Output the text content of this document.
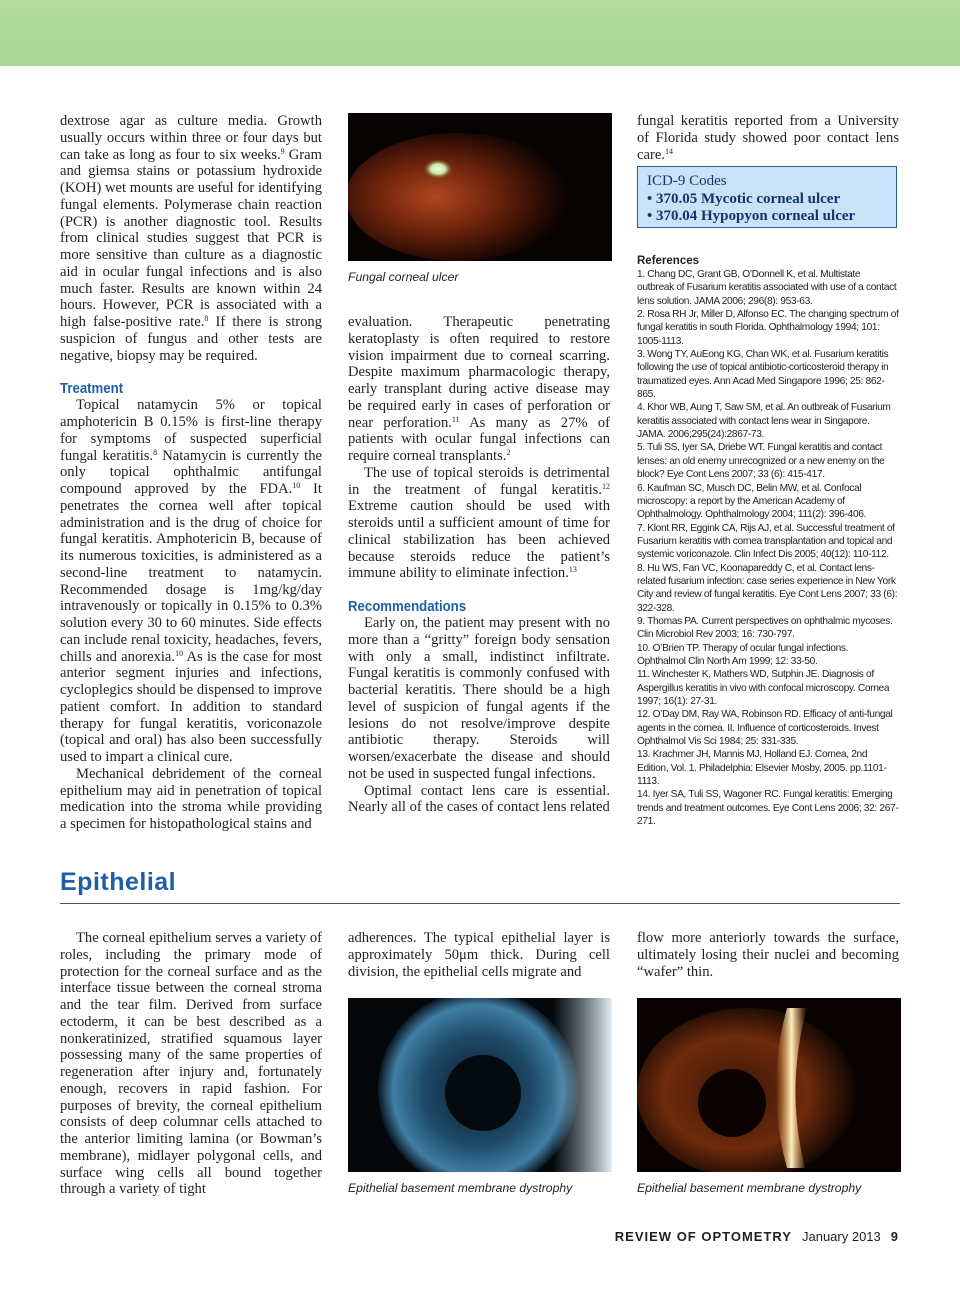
dextrose agar as culture media. Growth usually occurs within three or four days but can take as long as four to six weeks.$^9$ Gram and giemsa stains or potassium hydroxide (KOH) wet mounts are useful for identifying fungal elements. Polymerase chain reaction (PCR) is another diagnostic tool. Results from clinical studies suggest that PCR is more sensitive than culture as a diagnostic aid in ocular fungal infections and is also much faster. Results are known within 24 hours. However, PCR is associated with a high false-positive rate.$^8$ If there is strong suspicion of fungus and other tests are negative, biopsy may be required.

Treatment

Topical natamycin 5% or topical amphotericin B 0.15% is first-line therapy for symptoms of suspected superficial fungal keratitis.$^8$ Natamycin is currently the only topical ophthalmic antifungal compound approved by the FDA.$^{10}$ It penetrates the cornea well after topical administration and is the drug of choice for fungal keratitis. Amphotericin B, because of its numerous toxicities, is administered as a second-line treatment to natamycin. Recommended dosage is 1mg/kg/day intravenously or topically in 0.15% to 0.3% solution every 30 to 60 minutes. Side effects can include renal toxicity, headaches, fevers, chills and anorexia.$^{10}$ As is the case for most anterior segment injuries and infections, cycloplegics should be dispensed to improve patient comfort. In addition to standard therapy for fungal keratitis, voriconazole (topical and oral) has also been successfully used to impart a clinical cure.

Mechanical debridement of the corneal epithelium may aid in penetration of topical medication into the stroma while providing a specimen for histopathological stains and

Fungal corneal ulcer

evaluation. Therapeutic penetrating keratoplasty is often required to restore vision impairment due to corneal scarring. Despite maximum pharmacologic therapy, early transplant during active disease may be required early in cases of perforation or near perforation.$^{11}$ As many as 27% of patients with ocular fungal infections can require corneal transplants.$^2$

The use of topical steroids is detrimental in the treatment of fungal keratitis.$^{12}$ Extreme caution should be used with steroids until a sufficient amount of time for clinical stabilization has been achieved because steroids reduce the patient’s immune ability to eliminate infection.$^{13}$

Recommendations

Early on, the patient may present with no more than a “gritty” foreign body sensation with only a small, indistinct infiltrate. Fungal keratitis is commonly confused with bacterial keratitis. There should be a high level of suspicion of fungal agents if the lesions do not resolve/improve despite antibiotic therapy. Steroids will worsen/exacerbate the disease and should not be used in suspected fungal infections.

Optimal contact lens care is essential. Nearly all of the cases of contact lens related

fungal keratitis reported from a University of Florida study showed poor contact lens care.$^{14}$

ICD-9 Codes
• 370.05 Mycotic corneal ulcer
• 370.04 Hypopyon corneal ulcer
References
1. Chang DC, Grant GB, O’Donnell K, et al. Multistate outbreak of Fusarium keratitis associated with use of a contact lens solution. JAMA 2006; 296(8): 953-63.
2. Rosa RH Jr, Miller D, Alfonso EC. The changing spectrum of fungal keratitis in south Florida. Ophthalmology 1994; 101: 1005-1113.
3. Wong TY, AuEong KG, Chan WK, et al. Fusarium keratitis following the use of topical antibiotic-corticosteroid therapy in traumatized eyes. Ann Acad Med Singapore 1996; 25: 862-865.
4. Khor WB, Aung T, Saw SM, et al. An outbreak of Fusarium keratitis associated with contact lens wear in Singapore. JAMA. 2006;295(24):2867-73.
5. Tuli SS, Iyer SA, Driebe WT. Fungal keratitis and contact lenses: an old enemy unrecognized or a new enemy on the block? Eye Cont Lens 2007; 33 (6): 415-417.
6. Kaufman SC, Musch DC, Belin MW, et al. Confocal microscopy: a report by the American Academy of Ophthalmology. Ophthalmology 2004; 111(2): 396-406.
7. Klont RR, Eggink CA, Rijs AJ, et al. Successful treatment of Fusarium keratitis with cornea transplantation and topical and systemic voriconazole. Clin Infect Dis 2005; 40(12): 110-112.
8. Hu WS, Fan VC, Koonapareddy C, et al. Contact lens-related fusarium infection: case series experience in New York City and review of fungal keratitis. Eye Cont Lens 2007; 33 (6): 322-328.
9. Thomas PA. Current perspectives on ophthalmic mycoses. Clin Microbiol Rev 2003; 16: 730-797.
10. O’Brien TP. Therapy of ocular fungal infections. Ophthalmol Clin North Am 1999; 12: 33-50.
11. Winchester K, Mathers WD, Sutphin JE. Diagnosis of Aspergillus keratitis in vivo with confocal microscopy. Cornea 1997; 16(1): 27-31.
12. O’Day DM, Ray WA, Robinson RD. Efficacy of anti-fungal agents in the cornea. II. Influence of corticosteroids. Invest Ophthalmol Vis Sci 1984; 25: 331-335.
13. Krachmer JH, Mannis MJ, Holland EJ. Cornea, 2nd Edition, Vol. 1. Philadelphia: Elsevier Mosby, 2005. pp.1101-1113.
14. Iyer SA, Tuli SS, Wagoner RC. Fungal keratitis: Emerging trends and treatment outcomes. Eye Cont Lens 2006; 32: 267-271.
Epithelial

The corneal epithelium serves a variety of roles, including the primary mode of protection for the corneal surface and as the interface tissue between the corneal stroma and the tear film. Derived from surface ectoderm, it can be best described as a nonkeratinized, stratified squamous layer possessing many of the same properties of regeneration after injury and, fortunately enough, recovers in rapid fashion. For purposes of brevity, the corneal epithelium consists of deep columnar cells attached to the anterior limiting lamina (or Bowman’s membrane), midlayer polygonal cells, and surface wing cells all bound together through a variety of tight

adherences. The typical epithelial layer is approximately 50μm thick. During cell division, the epithelial cells migrate and

flow more anteriorly towards the surface, ultimately losing their nuclei and becoming “wafer” thin.

Epithelial basement membrane dystrophy	Epithelial basement membrane dystrophy
REVIEW OF OPTOMETRY January 2013 9
